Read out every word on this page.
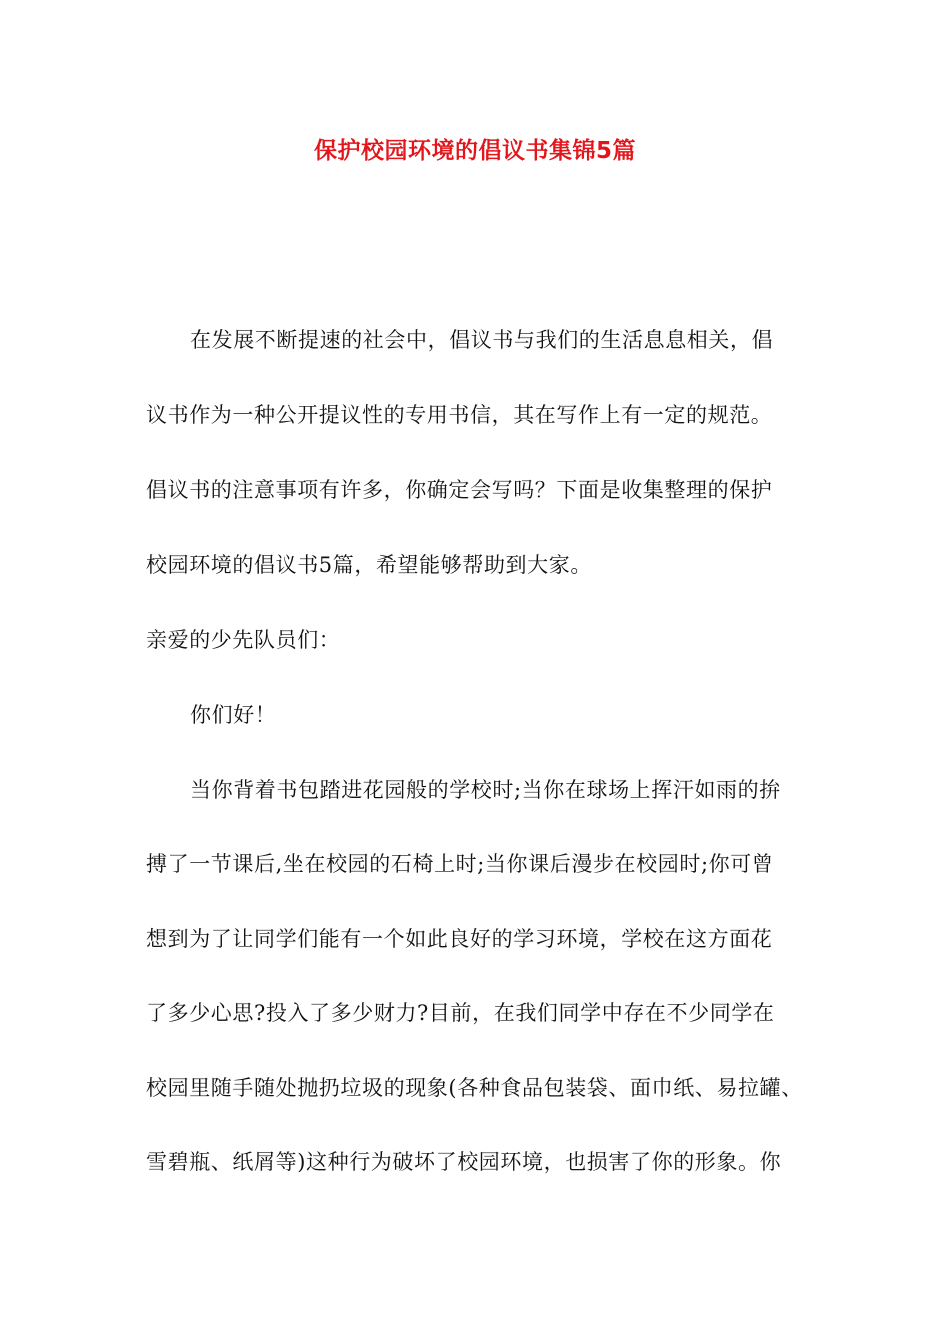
保护校园环境的倡议书集锦5篇
在发展不断提速的社会中，倡议书与我们的生活息息相关，倡
议书作为一种公开提议性的专用书信，其在写作上有一定的规范。
倡议书的注意事项有许多，你确定会写吗？下面是收集整理的保护
校园环境的倡议书5篇，希望能够帮助到大家。
亲爱的少先队员们：
你们好！
当你背着书包踏进花园般的学校时;当你在球场上挥汗如雨的拚
搏了一节课后,坐在校园的石椅上时;当你课后漫步在校园时;你可曾
想到为了让同学们能有一个如此良好的学习环境，学校在这方面花
了多少心思?投入了多少财力?目前，在我们同学中存在不少同学在
校园里随手随处抛扔垃圾的现象(各种食品包装袋、面巾纸、易拉罐、
雪碧瓶、纸屑等)这种行为破坏了校园环境，也损害了你的形象。你
